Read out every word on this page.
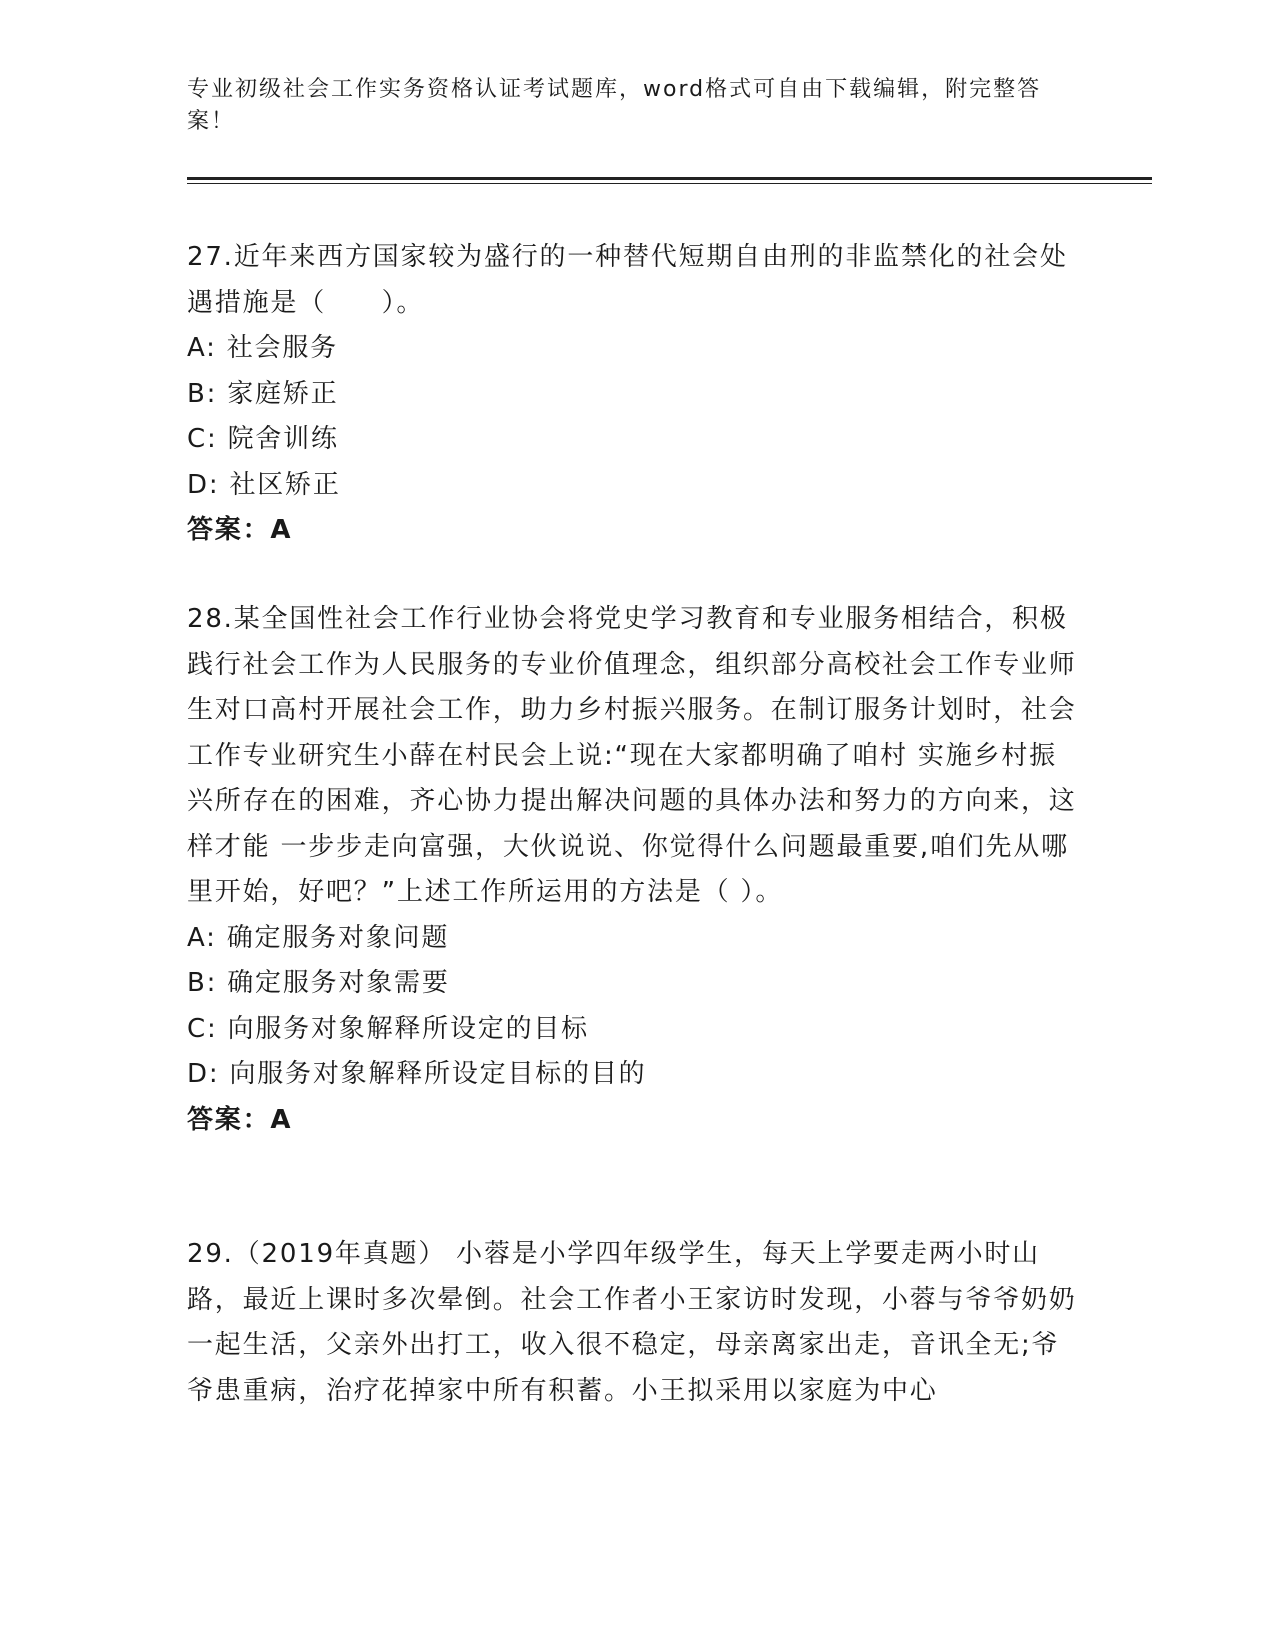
专业初级社会工作实务资格认证考试题库，word格式可自由下载编辑，附完整答案！

27.近年来西方国家较为盛行的一种替代短期自由刑的非监禁化的社会处遇措施是（　　）。

A: 社会服务

B: 家庭矫正

C: 院舍训练

D: 社区矫正

答案：A

28.某全国性社会工作行业协会将党史学习教育和专业服务相结合，积极践行社会工作为人民服务的专业价值理念，组织部分高校社会工作专业师生对口高村开展社会工作，助力乡村振兴服务。在制订服务计划时，社会工作专业研究生小薛在村民会上说:“现在大家都明确了咱村 实施乡村振兴所存在的困难，齐心协力提出解决问题的具体办法和努力的方向来，这样才能 一步步走向富强，大伙说说、你觉得什么问题最重要,咱们先从哪里开始，好吧？”上述工作所运用的方法是（ ）。

A: 确定服务对象问题

B: 确定服务对象需要

C: 向服务对象解释所设定的目标

D: 向服务对象解释所设定目标的目的

答案：A

29.（2019年真题） 小蓉是小学四年级学生，每天上学要走两小时山路，最近上课时多次晕倒。社会工作者小王家访时发现，小蓉与爷爷奶奶一起生活，父亲外出打工，收入很不稳定，母亲离家出走，音讯全无;爷爷患重病，治疗花掉家中所有积蓄。小王拟采用以家庭为中心
